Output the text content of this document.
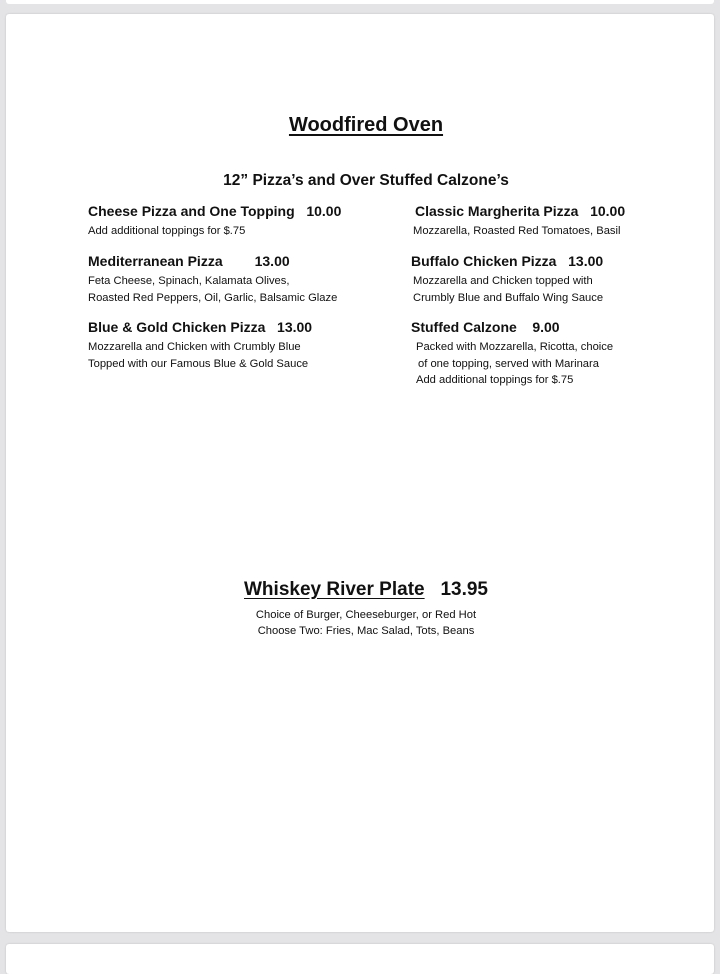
Woodfired Oven
12” Pizza’s and Over Stuffed Calzone’s
Cheese Pizza and One Topping 10.00
Add additional toppings for $.75
Mediterranean Pizza 13.00
Feta Cheese, Spinach, Kalamata Olives,
Roasted Red Peppers, Oil, Garlic, Balsamic Glaze
Blue & Gold Chicken Pizza 13.00
Mozzarella and Chicken with Crumbly Blue
Topped with our Famous Blue & Gold Sauce
Classic Margherita Pizza 10.00
Mozzarella, Roasted Red Tomatoes, Basil
Buffalo Chicken Pizza 13.00
Mozzarella and Chicken topped with
Crumbly Blue and Buffalo Wing Sauce
Stuffed Calzone 9.00
Packed with Mozzarella, Ricotta, choice
of one topping, served with Marinara
Add additional toppings for $.75
Whiskey River Plate 13.95
Choice of Burger, Cheeseburger, or Red Hot
Choose Two: Fries, Mac Salad, Tots, Beans
